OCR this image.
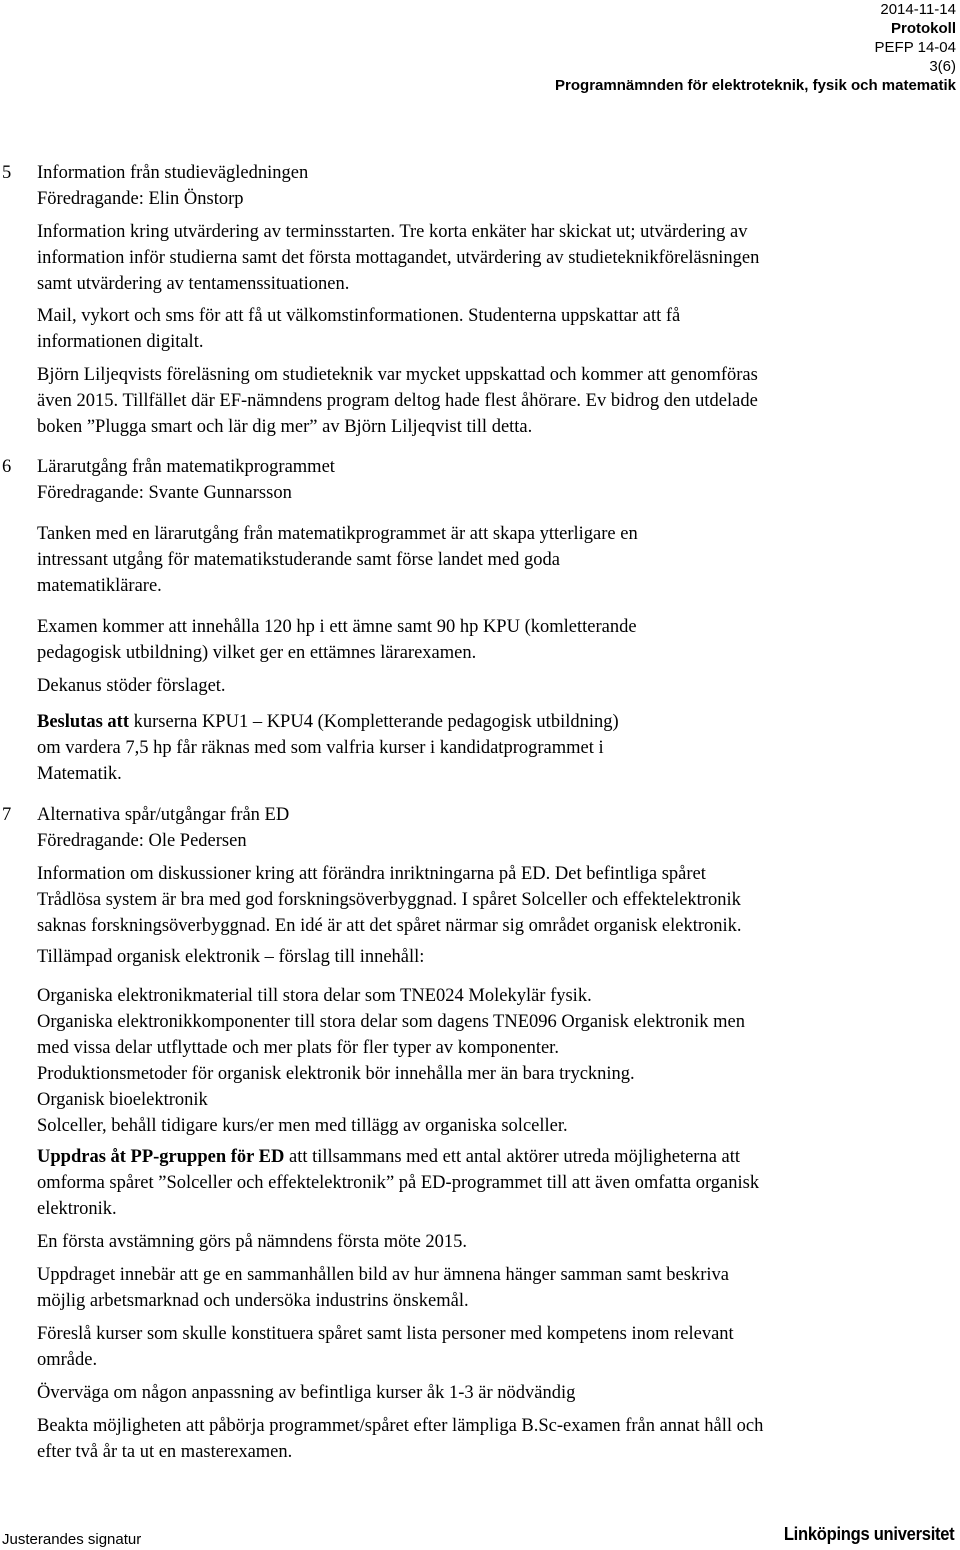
2014-11-14
Protokoll
PEFP 14-04
3(6)
Programnämnden för elektroteknik, fysik och matematik
5 Information från studievägledningen
Föredragande: Elin Önstorp
Information kring utvärdering av terminsstarten. Tre korta enkäter har skickat ut; utvärdering av
information inför studierna samt det första mottagandet, utvärdering av studieteknikföreläsningen
samt utvärdering av tentamenssituationen.
Mail, vykort och sms för att få ut välkomstinformationen. Studenterna uppskattar att få
informationen digitalt.
Björn Liljeqvists föreläsning om studieteknik var mycket uppskattad och kommer att genomföras
även 2015. Tillfället där EF-nämndens program deltog hade flest åhörare. Ev bidrog den utdelade
boken ”Plugga smart och lär dig mer” av Björn Liljeqvist till detta.
6 Lärarutgång från matematikprogrammet
Föredragande: Svante Gunnarsson
Tanken med en lärarutgång från matematikprogrammet är att skapa ytterligare en
intressant utgång för matematikstuderande samt förse landet med goda
matematiklärare.
Examen kommer att innehålla 120 hp i ett ämne samt 90 hp KPU (komletterande
pedagogisk utbildning) vilket ger en ettämnes lärarexamen.
Dekanus stöder förslaget.
Beslutas att kurserna KPU1 – KPU4 (Kompletterande pedagogisk utbildning)
om vardera 7,5 hp får räknas med som valfria kurser i kandidatprogrammet i
Matematik.
7 Alternativa spår/utgångar från ED
Föredragande: Ole Pedersen
Information om diskussioner kring att förändra inriktningarna på ED. Det befintliga spåret
Trådlösa system är bra med god forskningsöverbyggnad. I spåret Solceller och effektelektronik
saknas forskningsöverbyggnad. En idé är att det spåret närmar sig området organisk elektronik.
Tillämpad organisk elektronik – förslag till innehåll:
Organiska elektronikmaterial till stora delar som TNE024 Molekylär fysik.
Organiska elektronikkomponenter till stora delar som dagens TNE096 Organisk elektronik men
med vissa delar utflyttade och mer plats för fler typer av komponenter.
Produktionsmetoder för organisk elektronik bör innehålla mer än bara tryckning.
Organisk bioelektronik
Solceller, behåll tidigare kurs/er men med tillägg av organiska solceller.
Uppdras åt PP-gruppen för ED att tillsammans med ett antal aktörer utreda möjligheterna att
omforma spåret ”Solceller och effektelektronik” på ED-programmet till att även omfatta organisk
elektronik.
En första avstämning görs på nämndens första möte 2015.
Uppdraget innebär att ge en sammanhållen bild av hur ämnena hänger samman samt beskriva
möjlig arbetsmarknad och undersöka industrins önskemål.
Föreslå kurser som skulle konstituera spåret samt lista personer med kompetens inom relevant
område.
Överväga om någon anpassning av befintliga kurser åk 1-3 är nödvändig
Beakta möjligheten att påbörja programmet/spåret efter lämpliga B.Sc-examen från annat håll och
efter två år ta ut en masterexamen.
Justerandes signatur	Linköpings universitet
